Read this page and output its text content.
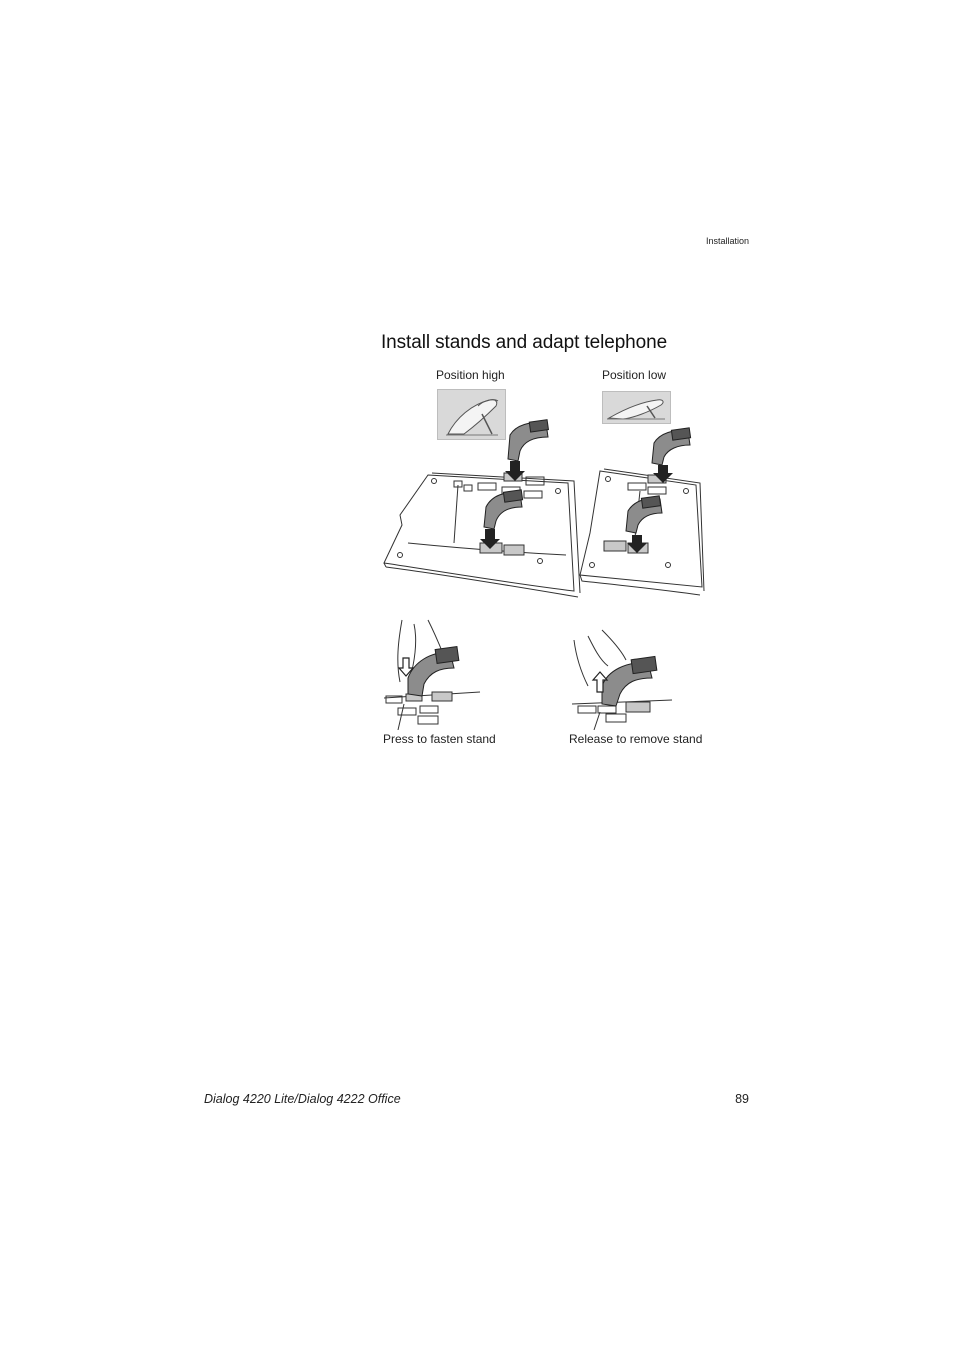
Installation
Install stands and adapt telephone
Position high	Position low
Press to fasten stand	Release to remove stand
Dialog 4220 Lite/Dialog 4222 Office	89
